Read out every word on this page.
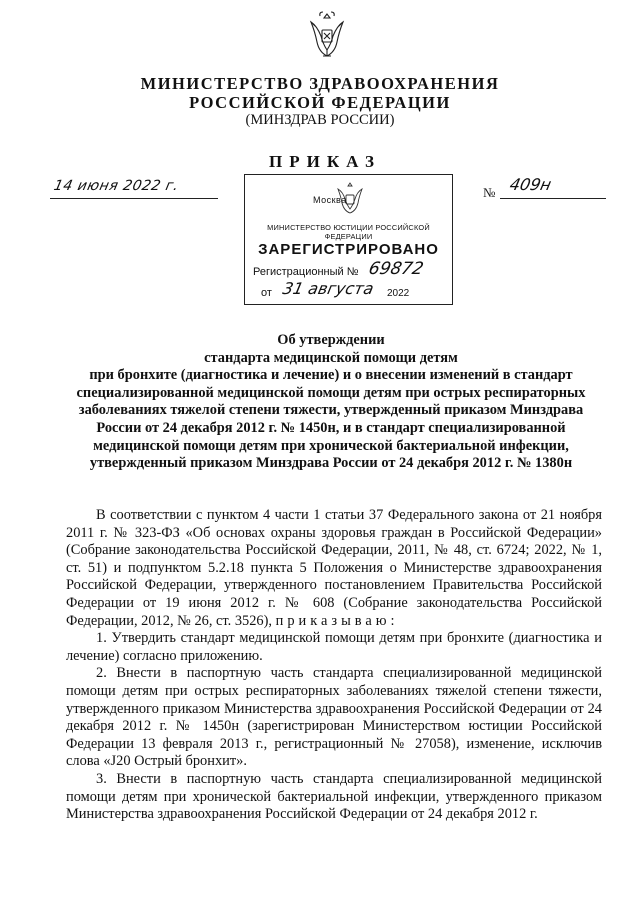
МИНИСТЕРСТВО ЗДРАВООХРАНЕНИЯ
РОССИЙСКОЙ ФЕДЕРАЦИИ
(МИНЗДРАВ РОССИИ)
ПРИКАЗ
14 июня 2022 г.	№ 409н
Москва
МИНИСТЕРСТВО ЮСТИЦИИ РОССИЙСКОЙ ФЕДЕРАЦИИ
ЗАРЕГИСТРИРОВАНО
Регистрационный № 69872
от 31 августа 2022
Об утверждении
стандарта медицинской помощи детям
при бронхите (диагностика и лечение) и о внесении изменений в стандарт
специализированной медицинской помощи детям при острых респираторных
заболеваниях тяжелой степени тяжести, утвержденный приказом Минздрава
России от 24 декабря 2012 г. № 1450н, и в стандарт специализированной
медицинской помощи детям при хронической бактериальной инфекции,
утвержденный приказом Минздрава России от 24 декабря 2012 г. № 1380н

В соответствии с пунктом 4 части 1 статьи 37 Федерального закона от 21 ноября 2011 г. № 323-ФЗ «Об основах охраны здоровья граждан в Российской Федерации» (Собрание законодательства Российской Федерации, 2011, № 48, ст. 6724; 2022, № 1, ст. 51) и подпунктом 5.2.18 пункта 5 Положения о Министерстве здравоохранения Российской Федерации, утвержденного постановлением Правительства Российской Федерации от 19 июня 2012 г. № 608 (Собрание законодательства Российской Федерации, 2012, № 26, ст. 3526), приказываю:

1. Утвердить стандарт медицинской помощи детям при бронхите (диагностика и лечение) согласно приложению.

2. Внести в паспортную часть стандарта специализированной медицинской помощи детям при острых респираторных заболеваниях тяжелой степени тяжести, утвержденного приказом Министерства здравоохранения Российской Федерации от 24 декабря 2012 г. № 1450н (зарегистрирован Министерством юстиции Российской Федерации 13 февраля 2013 г., регистрационный № 27058), изменение, исключив слова «J20 Острый бронхит».

3. Внести в паспортную часть стандарта специализированной медицинской помощи детям при хронической бактериальной инфекции, утвержденного приказом Министерства здравоохранения Российской Федерации от 24 декабря 2012 г.
